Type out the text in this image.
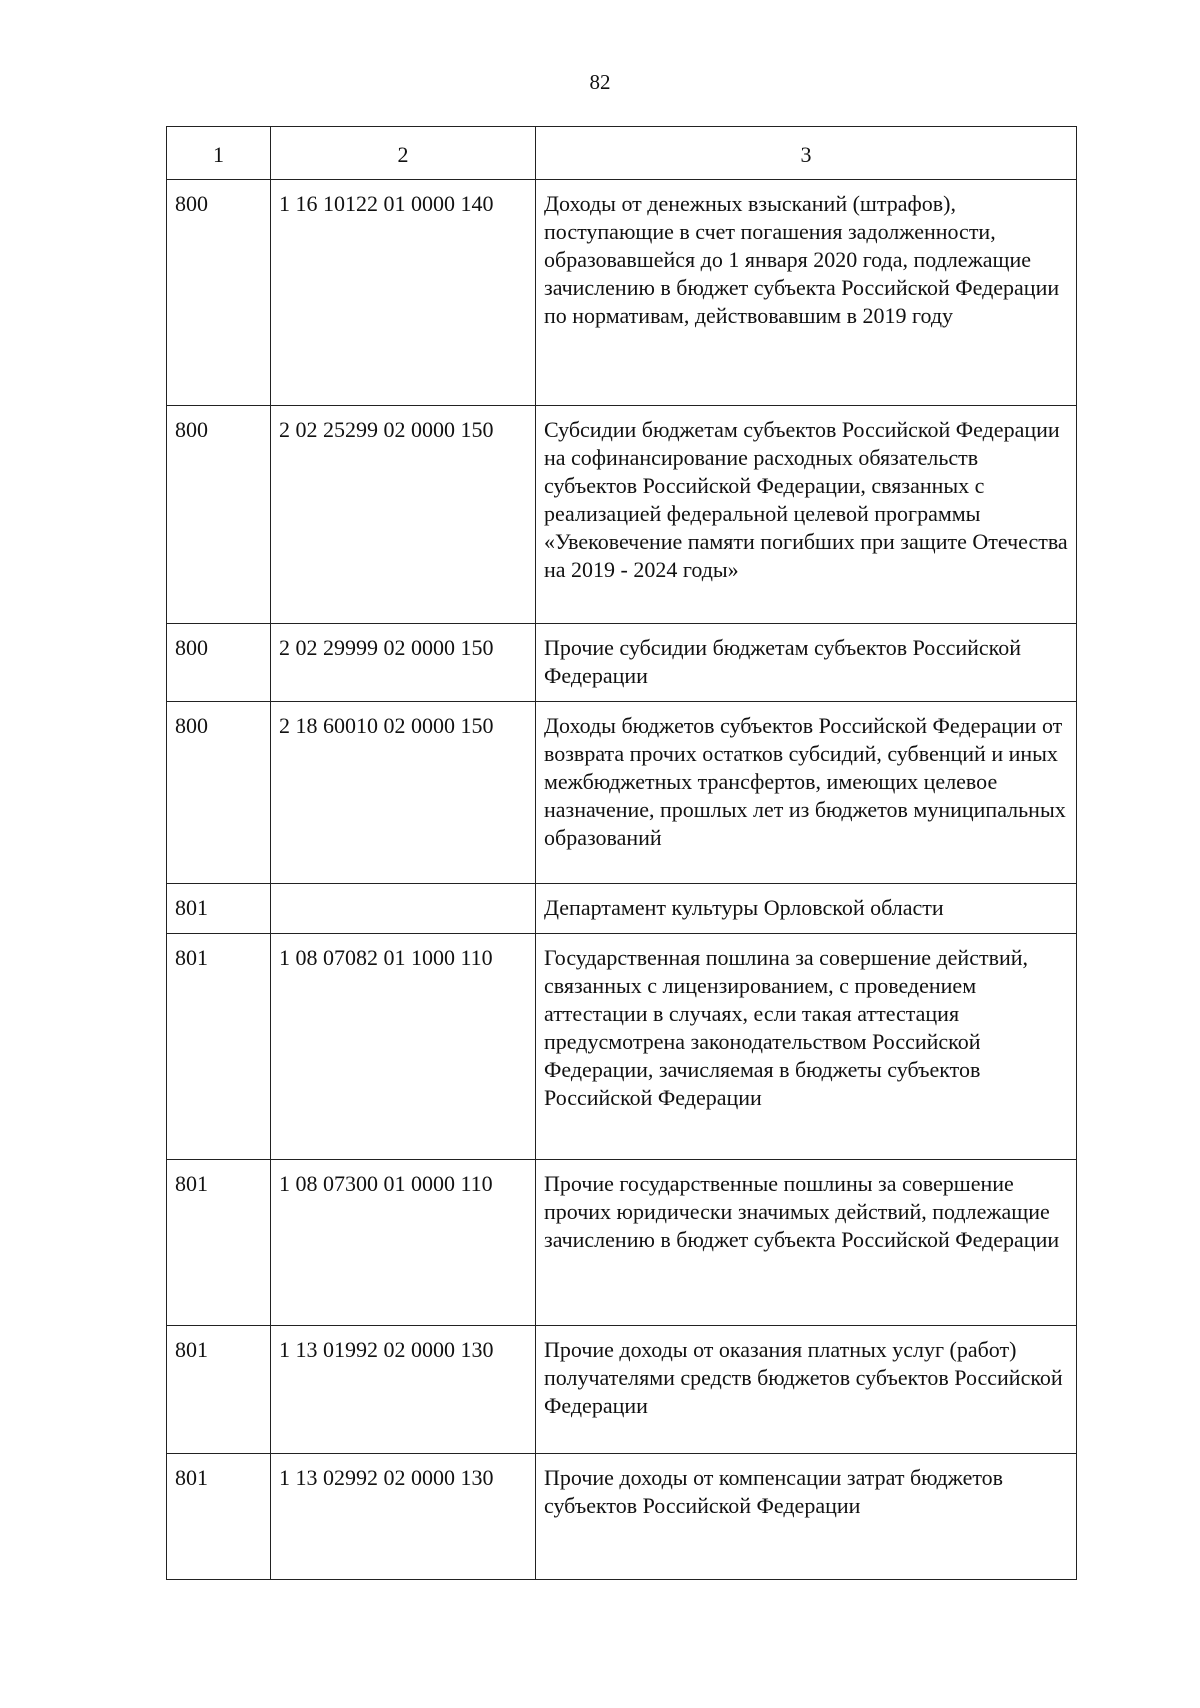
82
1	2	3
800	1 16 10122 01 0000 140	Доходы от денежных взысканий (штрафов), поступающие в счет погашения задолженности, образовавшейся до 1 января 2020 года, подлежащие зачислению в бюджет субъекта Российской Федерации по нормативам, действовавшим в 2019 году
800	2 02 25299 02 0000 150	Субсидии бюджетам субъектов Российской Федерации на софинансирование расходных обязательств субъектов Российской Федерации, связанных с реализацией федеральной целевой программы «Увековечение памяти погибших при защите Отечества на 2019 - 2024 годы»
800	2 02 29999 02 0000 150	Прочие субсидии бюджетам субъектов Российской Федерации
800	2 18 60010 02 0000 150	Доходы бюджетов субъектов Российской Федерации от возврата прочих остатков субсидий, субвенций и иных межбюджетных трансфертов, имеющих целевое назначение, прошлых лет из бюджетов муниципальных образований
801		Департамент культуры Орловской области
801	1 08 07082 01 1000 110	Государственная пошлина за совершение действий, связанных с лицензированием, с проведением аттестации в случаях, если такая аттестация предусмотрена законодательством Российской Федерации, зачисляемая в бюджеты субъектов Российской Федерации
801	1 08 07300 01 0000 110	Прочие государственные пошлины за совершение прочих юридически значимых действий, подлежащие зачислению в бюджет субъекта Российской Федерации
801	1 13 01992 02 0000 130	Прочие доходы от оказания платных услуг (работ) получателями средств бюджетов субъектов Российской Федерации
801	1 13 02992 02 0000 130	Прочие доходы от компенсации затрат бюджетов субъектов Российской Федерации
